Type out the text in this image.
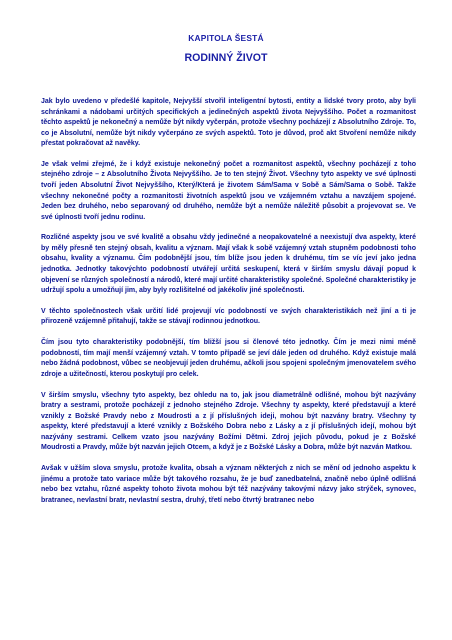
KAPITOLA ŠESTÁ
RODINNÝ ŽIVOT

Jak bylo uvedeno v předešlé kapitole, Nejvyšší stvořil inteligentní bytosti, entity a lidské tvory proto, aby byli schránkami a nádobami určitých specifických a jedinečných aspektů života Nejvyššího. Počet a rozmanitost těchto aspektů je nekonečný a nemůže být nikdy vyčerpán, protože všechny pocházejí z Absolutního Zdroje. To, co je Absolutní, nemůže být nikdy vyčerpáno ze svých aspektů. Toto je důvod, proč akt Stvoření nemůže nikdy přestat pokračovat až navěky.

Je však velmi zřejmé, že i když existuje nekonečný počet a rozmanitost aspektů, všechny pocházejí z toho stejného zdroje – z Absolutního Života Nejvyššího. Je to ten stejný Život. Všechny tyto aspekty ve své úplnosti tvoří jeden Absolutní Život Nejvyššího, Který/Která je životem Sám/Sama v Sobě a Sám/Sama o Sobě. Takže všechny nekonečné počty a rozmanitosti životních aspektů jsou ve vzájemném vztahu a navzájem spojené. Jeden bez druhého, nebo separovaný od druhého, nemůže být a nemůže náležitě působit a projevovat se. Ve své úplnosti tvoří jednu rodinu.

Rozličné aspekty jsou ve své kvalitě a obsahu vždy jedinečné a neopakovatelné a neexistují dva aspekty, které by měly přesně ten stejný obsah, kvalitu a význam. Mají však k sobě vzájemný vztah stupněm podobnosti toho obsahu, kvality a významu. Čím podobnější jsou, tím blíže jsou jeden k druhému, tím se víc jeví jako jedna jednotka. Jednotky takovýchto podobností utvářejí určitá seskupení, která v širším smyslu dávají popud k objevení se různých společností a národů, které mají určité charakteristiky společné. Společné charakteristiky je udržují spolu a umožňují jim, aby byly rozlišitelné od jakékoliv jiné společnosti.

V těchto společnostech však určití lidé projevují víc podobností ve svých charakteristikách než jiní a ti je přirozeně vzájemně přitahují, takže se stávají rodinnou jednotkou.

Čím jsou tyto charakteristiky podobnější, tím bližší jsou si členové této jednotky. Čím je mezi nimi méně podobností, tím mají menší vzájemný vztah. V tomto případě se jeví dále jeden od druhého. Když existuje malá nebo žádná podobnost, vůbec se neobjevují jeden druhému, ačkoli jsou spojeni společným jmenovatelem svého zdroje a užitečností, kterou poskytují pro celek.

V širším smyslu, všechny tyto aspekty, bez ohledu na to, jak jsou diametrálně odlišné, mohou být nazývány bratry a sestrami, protože pocházejí z jednoho stejného Zdroje. Všechny ty aspekty, které představují a které vznikly z Božské Pravdy nebo z Moudrosti a z jí příslušných ideji, mohou být nazvány bratry. Všechny ty aspekty, které představují a které vznikly z Božského Dobra nebo z Lásky a z jí příslušných idejí, mohou být nazývány sestrami. Celkem vzato jsou nazývány Božími Dětmi. Zdroj jejich původu, pokud je z Božské Moudrosti a Pravdy, může být nazván jejich Otcem, a když je z Božské Lásky a Dobra, může být nazván Matkou.

Avšak v užším slova smyslu, protože kvalita, obsah a význam některých z nich se mění od jednoho aspektu k jinému a protože tato variace může být takového rozsahu, že je buď zanedbatelná, značně nebo úplně odlišná nebo bez vztahu, různé aspekty tohoto života mohou být též nazývány takovými názvy jako strýček, synovec, bratranec, nevlastní bratr, nevlastní sestra, druhý, třetí nebo čtvrtý bratranec nebo
